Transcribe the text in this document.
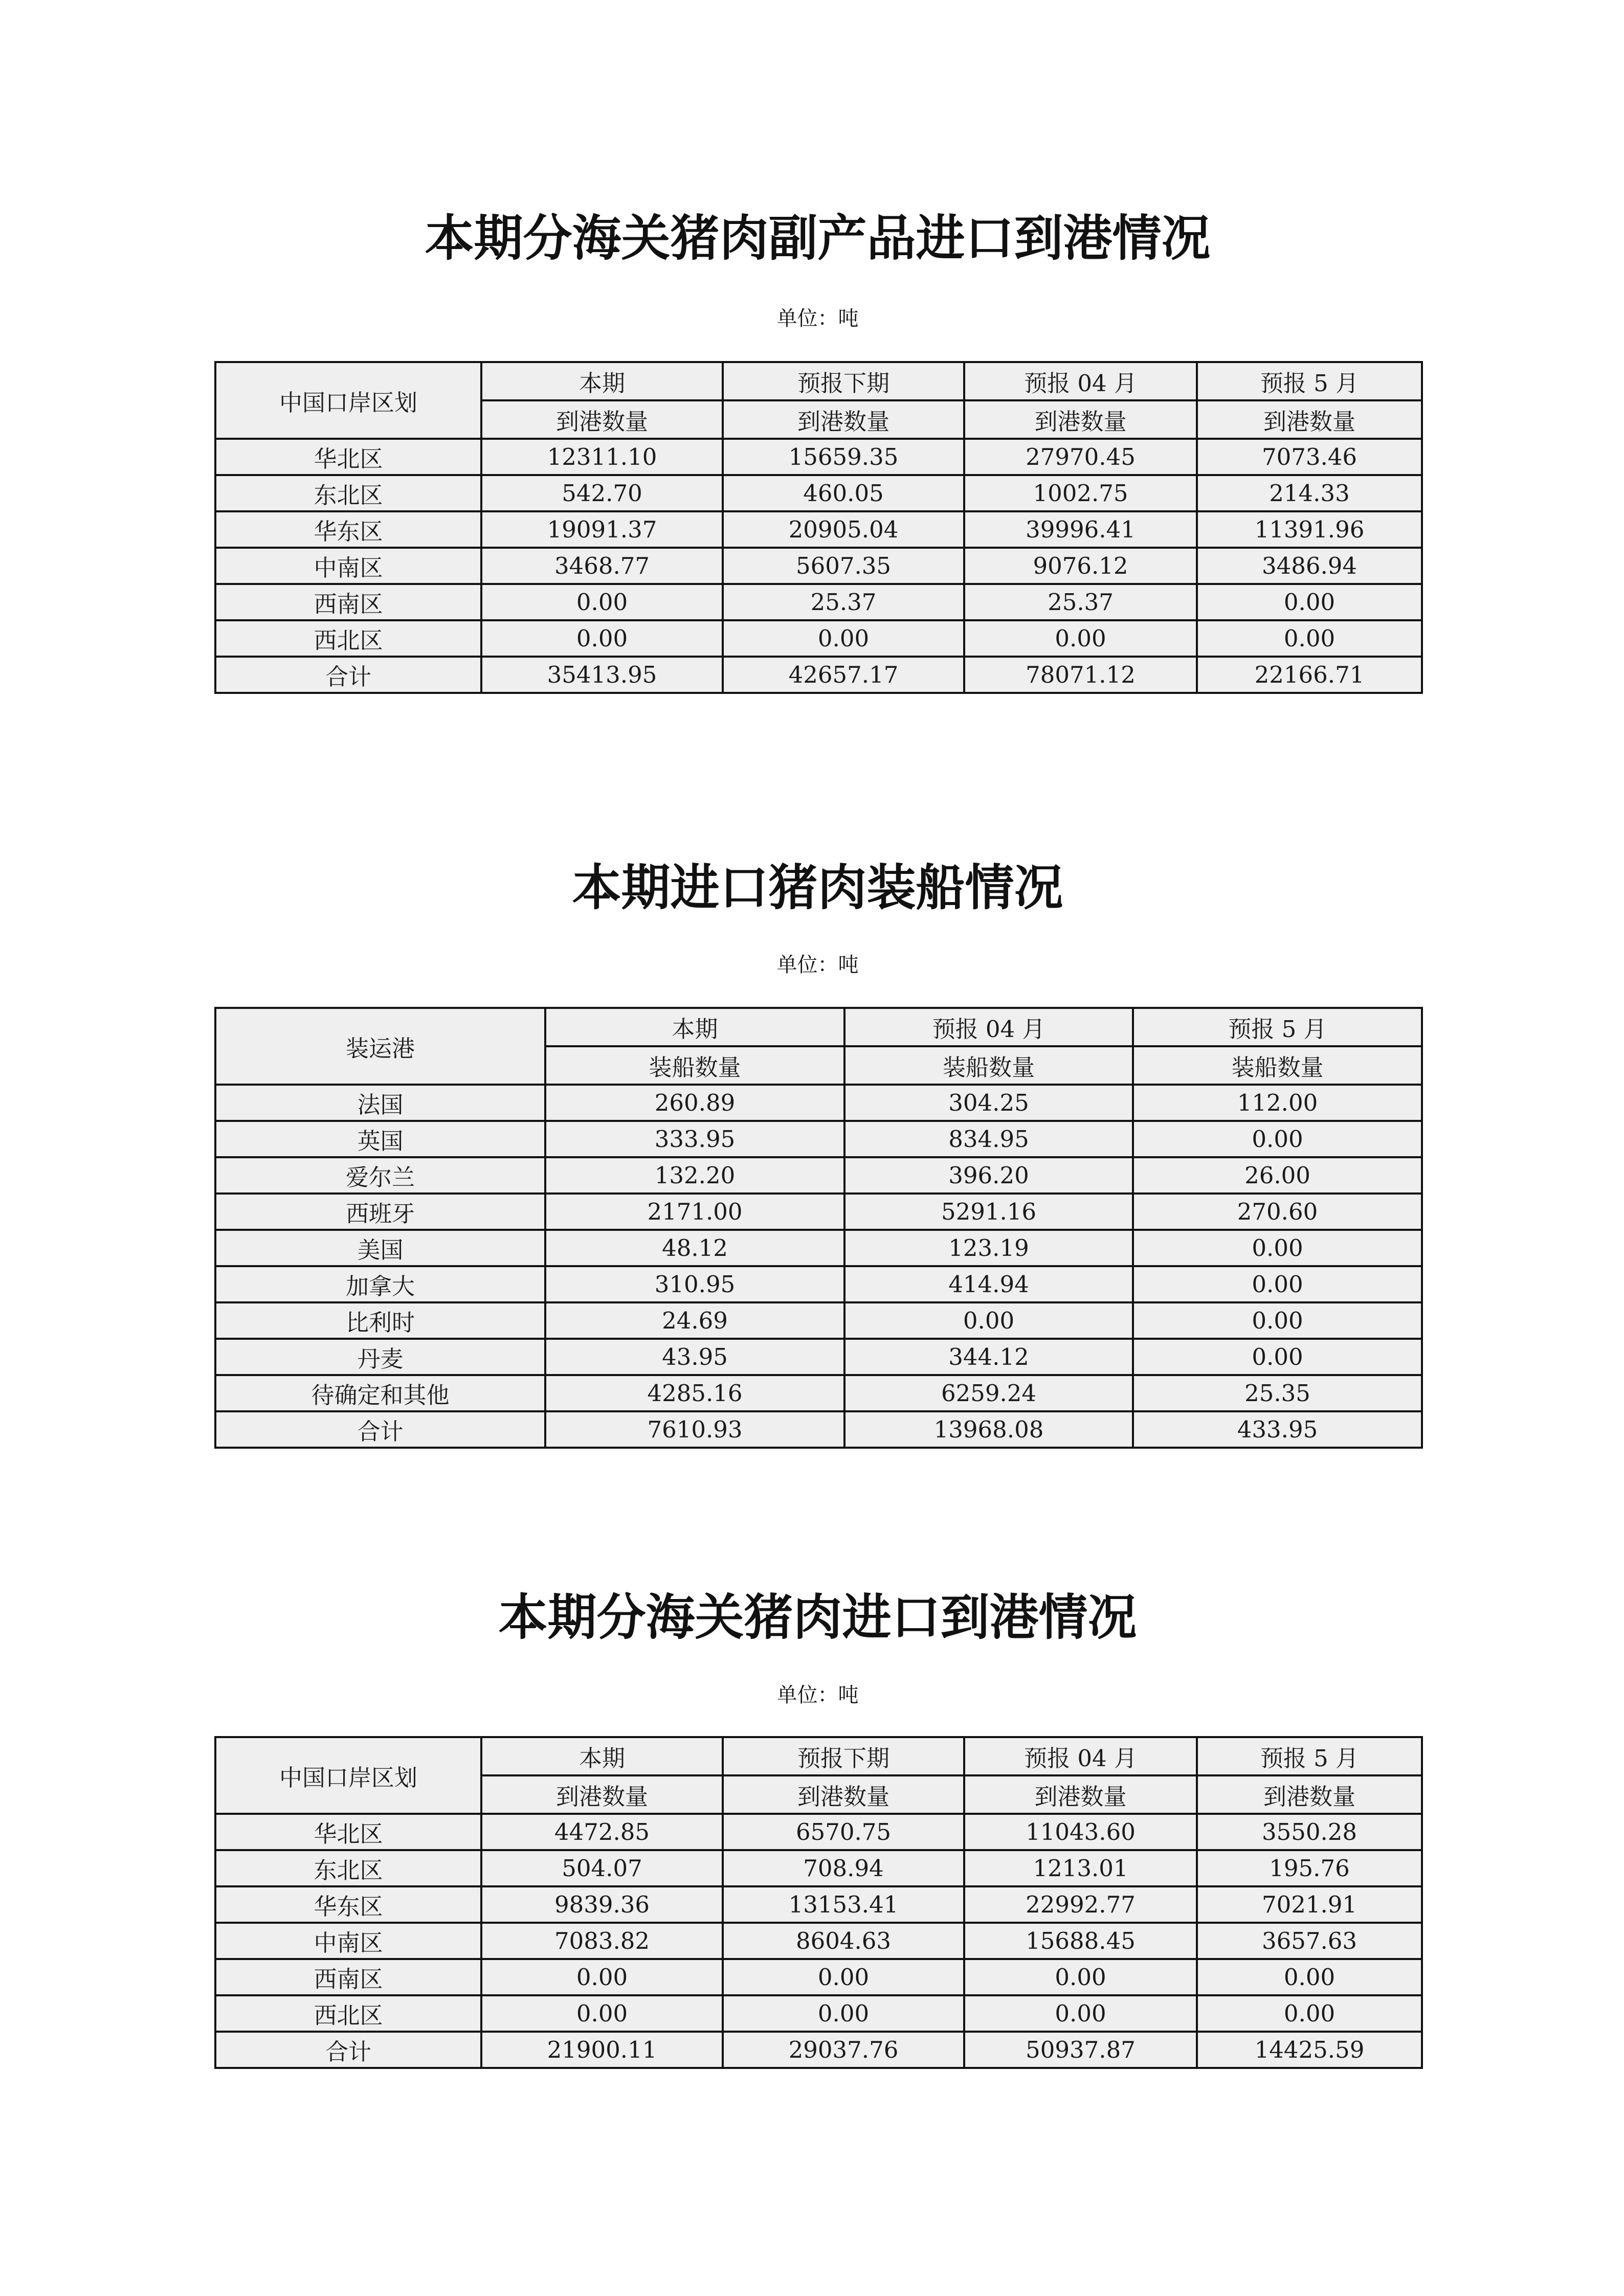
本期分海关猪肉副产品进口到港情况
单位：吨
中国口岸区划	本期	预报下期	预报 04 月	预报 5 月
	到港数量	到港数量	到港数量	到港数量
华北区	12311.10	15659.35	27970.45	7073.46
东北区	542.70	460.05	1002.75	214.33
华东区	19091.37	20905.04	39996.41	11391.96
中南区	3468.77	5607.35	9076.12	3486.94
西南区	0.00	25.37	25.37	0.00
西北区	0.00	0.00	0.00	0.00
合计	35413.95	42657.17	78071.12	22166.71
本期进口猪肉装船情况
单位：吨
装运港	本期	预报 04 月	预报 5 月
	装船数量	装船数量	装船数量
法国	260.89	304.25	112.00
英国	333.95	834.95	0.00
爱尔兰	132.20	396.20	26.00
西班牙	2171.00	5291.16	270.60
美国	48.12	123.19	0.00
加拿大	310.95	414.94	0.00
比利时	24.69	0.00	0.00
丹麦	43.95	344.12	0.00
待确定和其他	4285.16	6259.24	25.35
合计	7610.93	13968.08	433.95
本期分海关猪肉进口到港情况
单位：吨
中国口岸区划	本期	预报下期	预报 04 月	预报 5 月
	到港数量	到港数量	到港数量	到港数量
华北区	4472.85	6570.75	11043.60	3550.28
东北区	504.07	708.94	1213.01	195.76
华东区	9839.36	13153.41	22992.77	7021.91
中南区	7083.82	8604.63	15688.45	3657.63
西南区	0.00	0.00	0.00	0.00
西北区	0.00	0.00	0.00	0.00
合计	21900.11	29037.76	50937.87	14425.59
